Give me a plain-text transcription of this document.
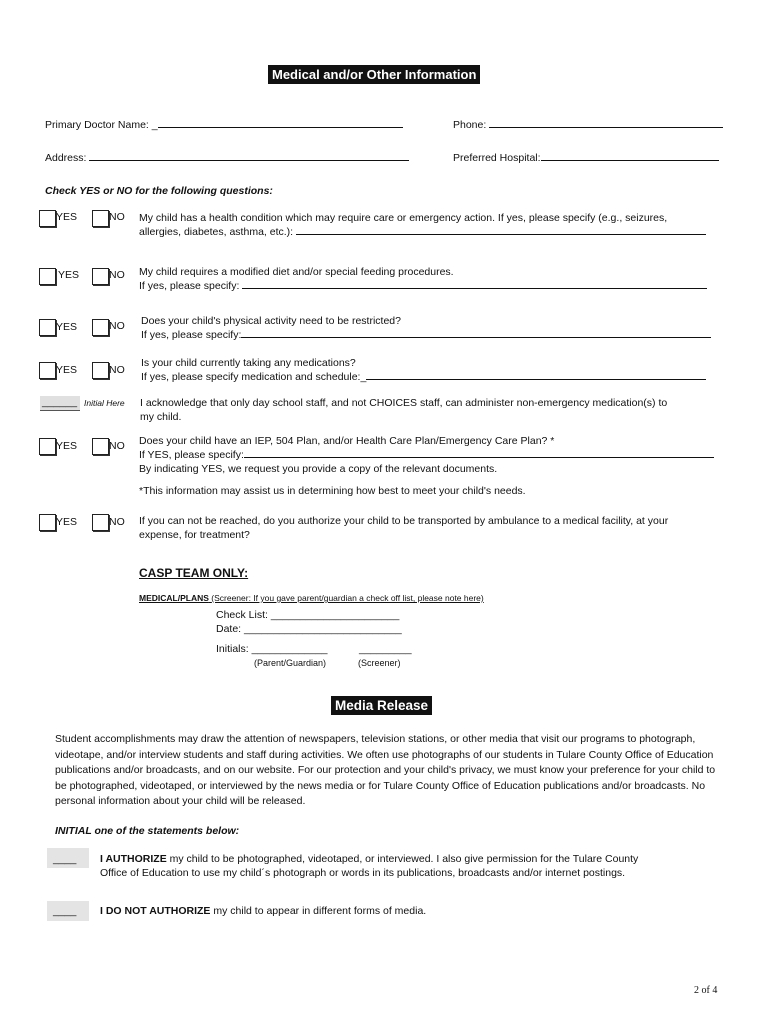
Medical and/or Other Information
Primary Doctor Name: _	Phone:
Address:	Preferred Hospital:
Check YES or NO for the following questions:
YES	NO My child has a health condition which may require care or emergency action. If yes, please specify (e.g., seizures,
allergies, diabetes, asthma, etc.):
YES	NO My child requires a modified diet and/or special feeding procedures.
If yes, please specify:
YES	NO Does your child's physical activity need to be restricted?
If yes, please specify:
YES	NO
Is your child currently taking any medications?
If yes, please specify medication and schedule:_
______ Initial Here I acknowledge that only day school staff, and not CHOICES staff, can administer non-emergency medication(s) to
my child.
YES	NO Does your child have an IEP, 504 Plan, and/or Health Care Plan/Emergency Care Plan? *
If YES, please specify:
By indicating YES, we request you provide a copy of the relevant documents.
*This information may assist us in determining how best to meet your child's needs.
YES	NO If you can not be reached, do you authorize your child to be transported by ambulance to a medical facility, at your
expense, for treatment?
CASP TEAM ONLY:
MEDICAL/PLANS (Screener: If you gave parent/guardian a check off list, please note here)
Check List: ______________________
Date: ___________________________
Initials: _____________	_________
(Parent/Guardian)	(Screener)
Media Release
Student accomplishments may draw the attention of newspapers, television stations, or other media that visit our programs to photograph, videotape, and/or interview students and staff during activities. We often use photographs of our students in Tulare County Office of Education publications and/or broadcasts, and on our website. For our protection and your child's privacy, we must know your preference for your child to be photographed, videotaped, or interviewed by the news media or for Tulare County Office of Education publications and/or broadcasts. No personal information about your child will be released.
INITIAL one of the statements below:
____ I AUTHORIZE my child to be photographed, videotaped, or interviewed. I also give permission for the Tulare County
Office of Education to use my child´s photograph or words in its publications, broadcasts and/or internet postings.
____ I DO NOT AUTHORIZE my child to appear in different forms of media.
2 of 4
